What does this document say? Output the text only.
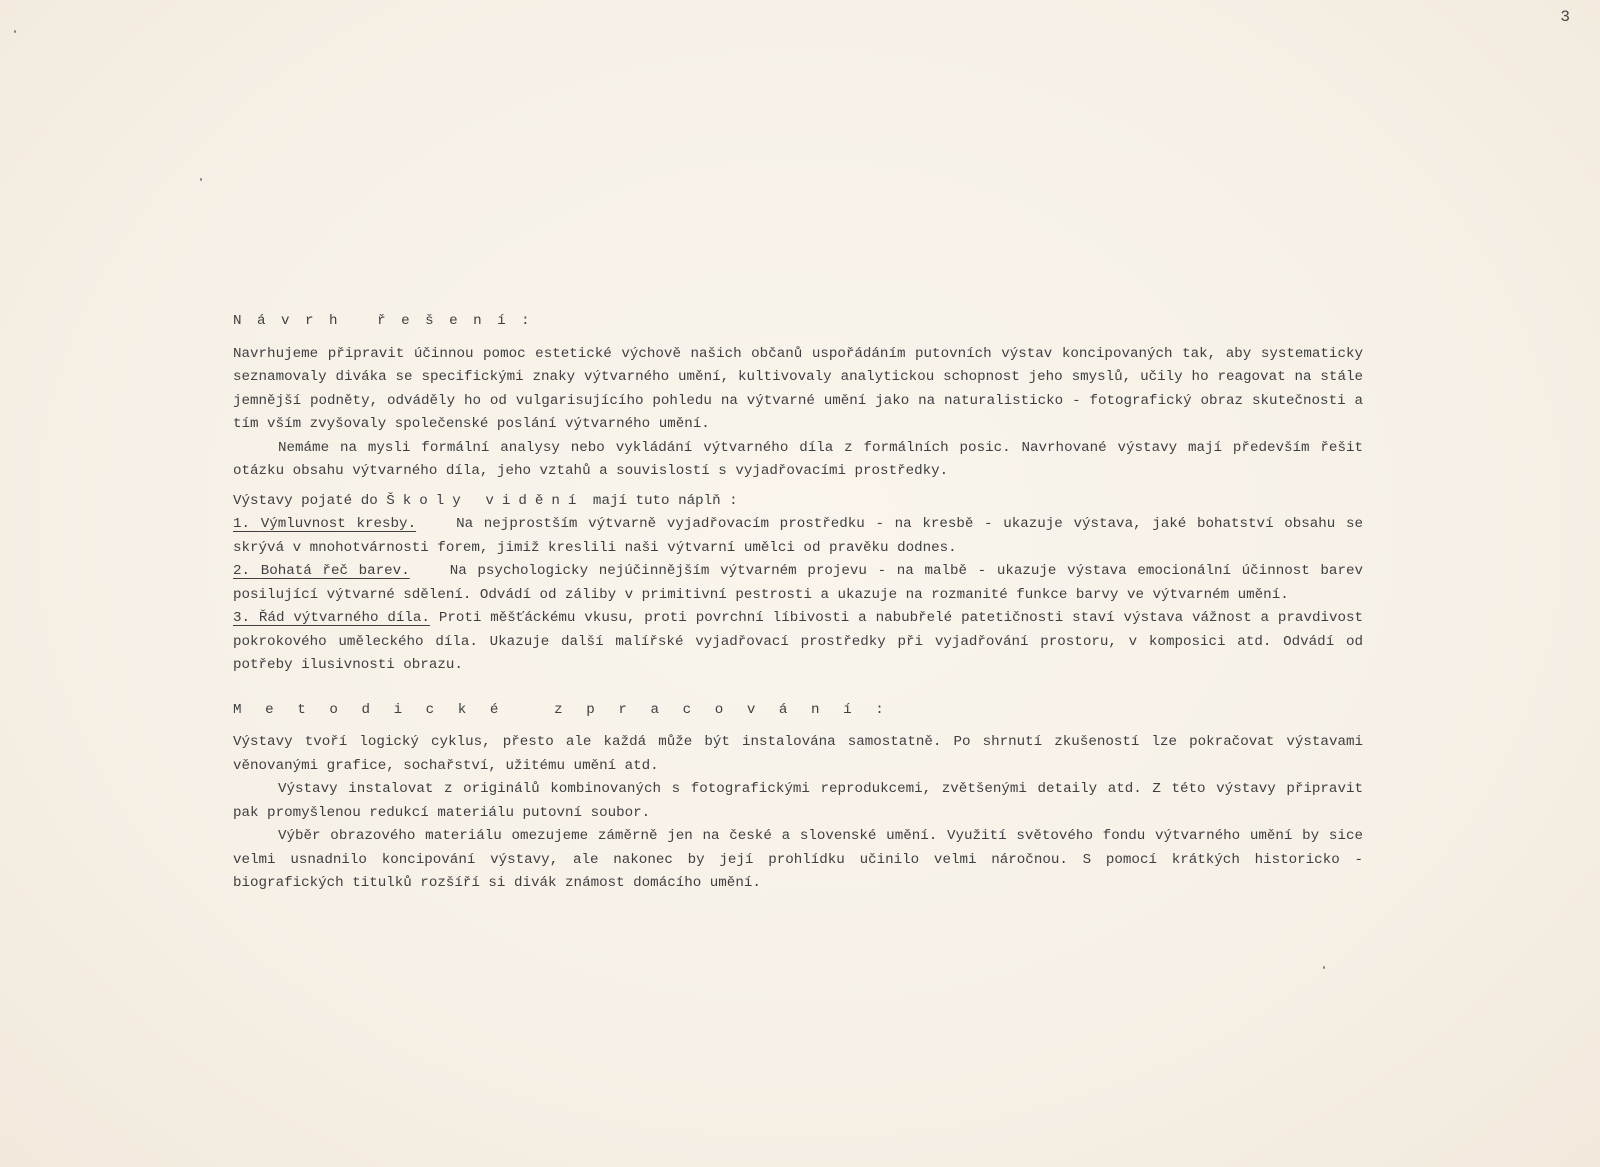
3
Návrh řešení:

Navrhujeme připravit účinnou pomoc estetické výchově našich občanů uspořádáním putovních výstav koncipovaných tak, aby systematicky seznamovaly diváka se specifickými znaky výtvarného umění, kultivovaly analytickou schopnost jeho smyslů, učily ho reagovat na stále jemnější podněty, odváděly ho od vulgarisujícího pohledu na výtvarné umění jako na naturalisticko - fotografický obraz skutečnosti a tím vším zvyšovaly společenské poslání výtvarného umění.

Nemáme na mysli formální analysy nebo vykládání výtvarného díla z formálních posic. Navrhované výstavy mají především řešit otázku obsahu výtvarného díla, jeho vztahů a souvislostí s vyjadřovacími prostředky.

Výstavy pojaté do Školy vidění mají tuto náplň :

1. Výmluvnost kresby.	Na nejprostším výtvarně vyjadřovacím prostředku - na kresbě - ukazuje výstava, jaké bohatství obsahu se skrývá v mnohotvárnosti forem, jimiž kreslili naši výtvarní umělci od pravěku dodnes.

2. Bohatá řeč barev.	Na psychologicky nejúčinnějším výtvarném projevu - na malbě - ukazuje výstava emocionální účinnost barev posilující výtvarné sdělení. Odvádí od záliby v primitivní pestrosti a ukazuje na rozmanité funkce barvy ve výtvarném umění.

3. Řád výtvarného díla. Proti měšťáckému vkusu, proti povrchní líbivosti a nabubřelé patetičnosti staví výstava vážnost a pravdivost pokrokového uměleckého díla. Ukazuje další malířské vyjadřovací prostředky při vyjadřování prostoru, v komposici atd. Odvádí od potřeby ilusivnosti obrazu.

Metodické zpracování:

Výstavy tvoří logický cyklus, přesto ale každá může být instalována samostatně. Po shrnutí zkušeností lze pokračovat výstavami věnovanými grafice, sochařství, užitému umění atd.

Výstavy instalovat z originálů kombinovaných s fotografickými reprodukcemi, zvětšenými detaily atd. Z této výstavy připravit pak promyšlenou redukcí materiálu putovní soubor.

Výběr obrazového materiálu omezujeme záměrně jen na české a slovenské umění. Využití světového fondu výtvarného umění by sice velmi usnadnilo koncipování výstavy, ale nakonec by její prohlídku učinilo velmi náročnou. S pomocí krátkých historicko - biografických titulků rozšíří si divák známost domácího umění.
